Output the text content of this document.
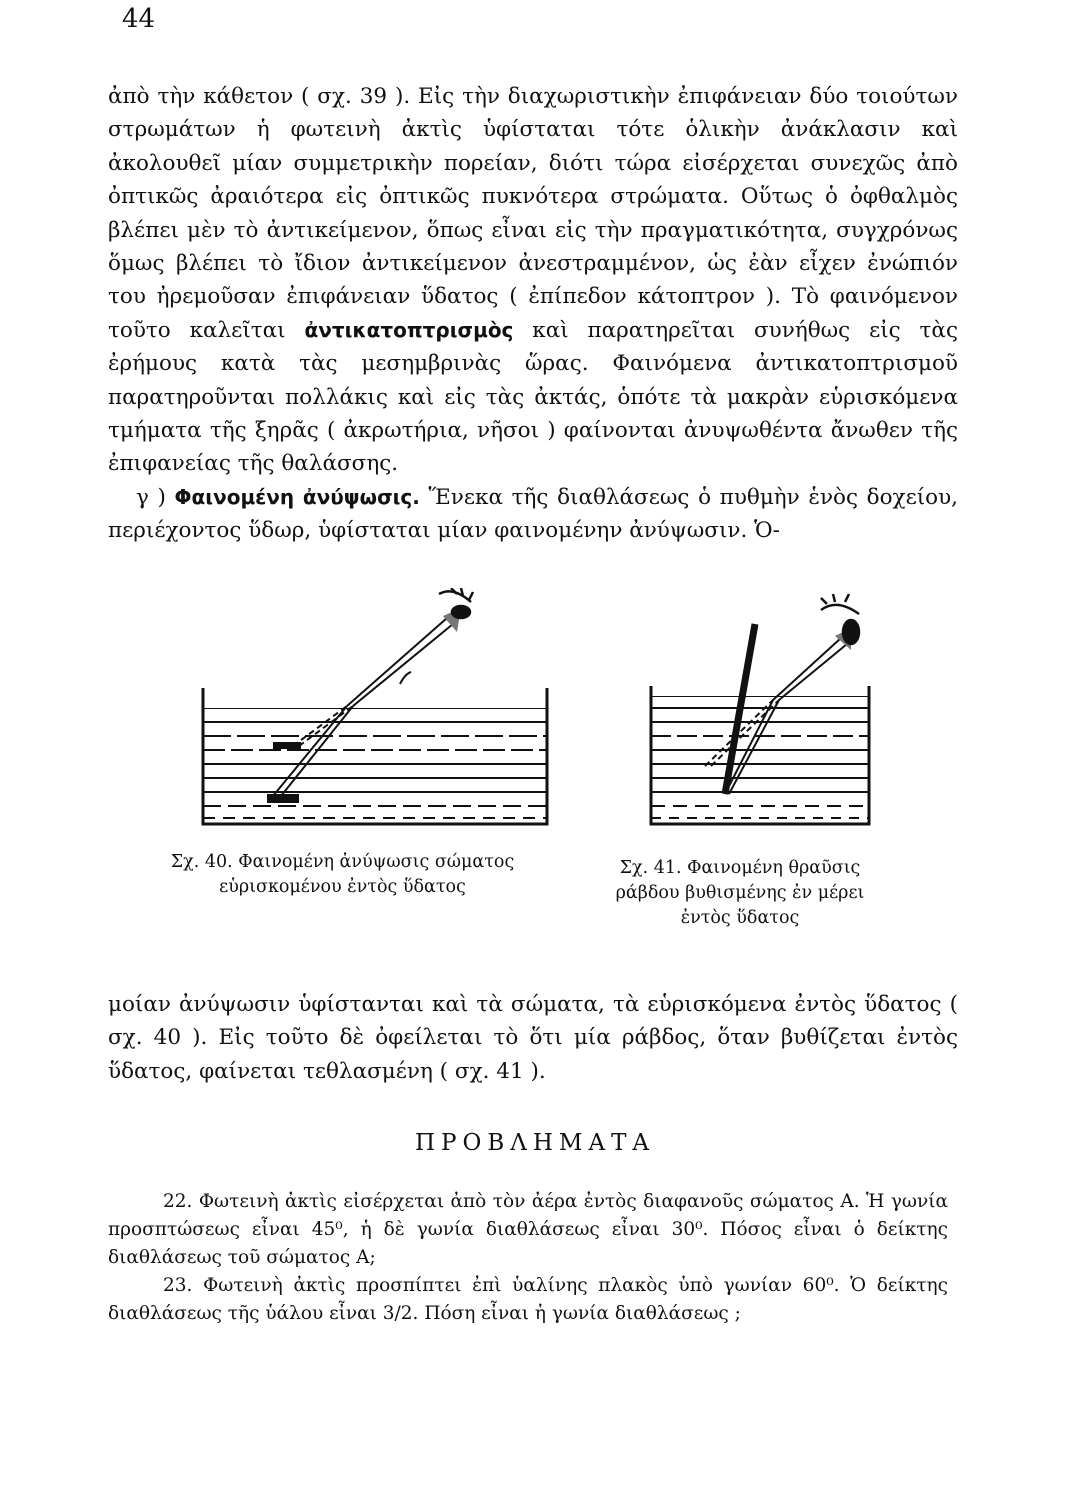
44

ἀπὸ τὴν κάθετον ( σχ. 39 ). Εἰς τὴν διαχωριστικὴν ἐπιφάνειαν δύο τοιούτων στρωμάτων ἡ φωτεινὴ ἀκτὶς ὑφίσταται τότε ὁλικὴν ἀνάκλασιν καὶ ἀκολουθεῖ μίαν συμμετρικὴν πορείαν, διότι τώρα εἰσέρχεται συνεχῶς ἀπὸ ὀπτικῶς ἀραιότερα εἰς ὀπτικῶς πυκνότερα στρώματα. Οὕτως ὁ ὀφθαλμὸς βλέπει μὲν τὸ ἀντικείμενον, ὅπως εἶναι εἰς τὴν πραγματικότητα, συγχρόνως ὅμως βλέπει τὸ ἴδιον ἀντικείμενον ἀνεστραμμένον, ὡς ἐὰν εἶχεν ἐνώπιόν του ἠρεμοῦσαν ἐπιφάνειαν ὕδατος ( ἐπίπεδον κάτοπτρον ). Τὸ φαινόμενον τοῦτο καλεῖται ἀντικατοπτρισμὸς καὶ παρατηρεῖται συνήθως εἰς τὰς ἐρήμους κατὰ τὰς μεσημβρινὰς ὥρας. Φαινόμενα ἀντικατοπτρισμοῦ παρατηροῦνται πολλάκις καὶ εἰς τὰς ἀκτάς, ὁπότε τὰ μακρὰν εὑρισκόμενα τμήματα τῆς ξηρᾶς ( ἀκρωτήρια, νῆσοι ) φαίνονται ἀνυψωθέντα ἄνωθεν τῆς ἐπιφανείας τῆς θαλάσσης.

γ ) Φαινομένη ἀνύψωσις. Ἕνεκα τῆς διαθλάσεως ὁ πυθμὴν ἑνὸς δοχείου, περιέχοντος ὕδωρ, ὑφίσταται μίαν φαινομένην ἀνύψωσιν. Ὁ-

Σχ. 40. Φαινομένη ἀνύψωσις σώματος εὑρισκομένου ἐντὸς ὕδατος
Σχ. 41. Φαινομένη θραῦσις ράβδου βυθισμένης ἐν μέρει ἐντὸς ὕδατος

μοίαν ἀνύψωσιν ὑφίστανται καὶ τὰ σώματα, τὰ εὑρισκόμενα ἐντὸς ὕδατος ( σχ. 40 ). Εἰς τοῦτο δὲ ὀφείλεται τὸ ὅτι μία ράβδος, ὅταν βυθίζεται ἐντὸς ὕδατος, φαίνεται τεθλασμένη ( σχ. 41 ).

ΠΡΟΒΛΗΜΑΤΑ
22. Φωτεινὴ ἀκτὶς εἰσέρχεται ἀπὸ τὸν ἀέρα ἐντὸς διαφανοῦς σώματος Α. Ἡ γωνία προσπτώσεως εἶναι 45⁰, ἡ δὲ γωνία διαθλάσεως εἶναι 30⁰. Πόσος εἶναι ὁ δείκτης διαθλάσεως τοῦ σώματος Α;
23. Φωτεινὴ ἀκτὶς προσπίπτει ἐπὶ ὑαλίνης πλακὸς ὑπὸ γωνίαν 60⁰. Ὁ δείκτης διαθλάσεως τῆς ὑάλου εἶναι 3/2. Πόση εἶναι ἡ γωνία διαθλάσεως ;
